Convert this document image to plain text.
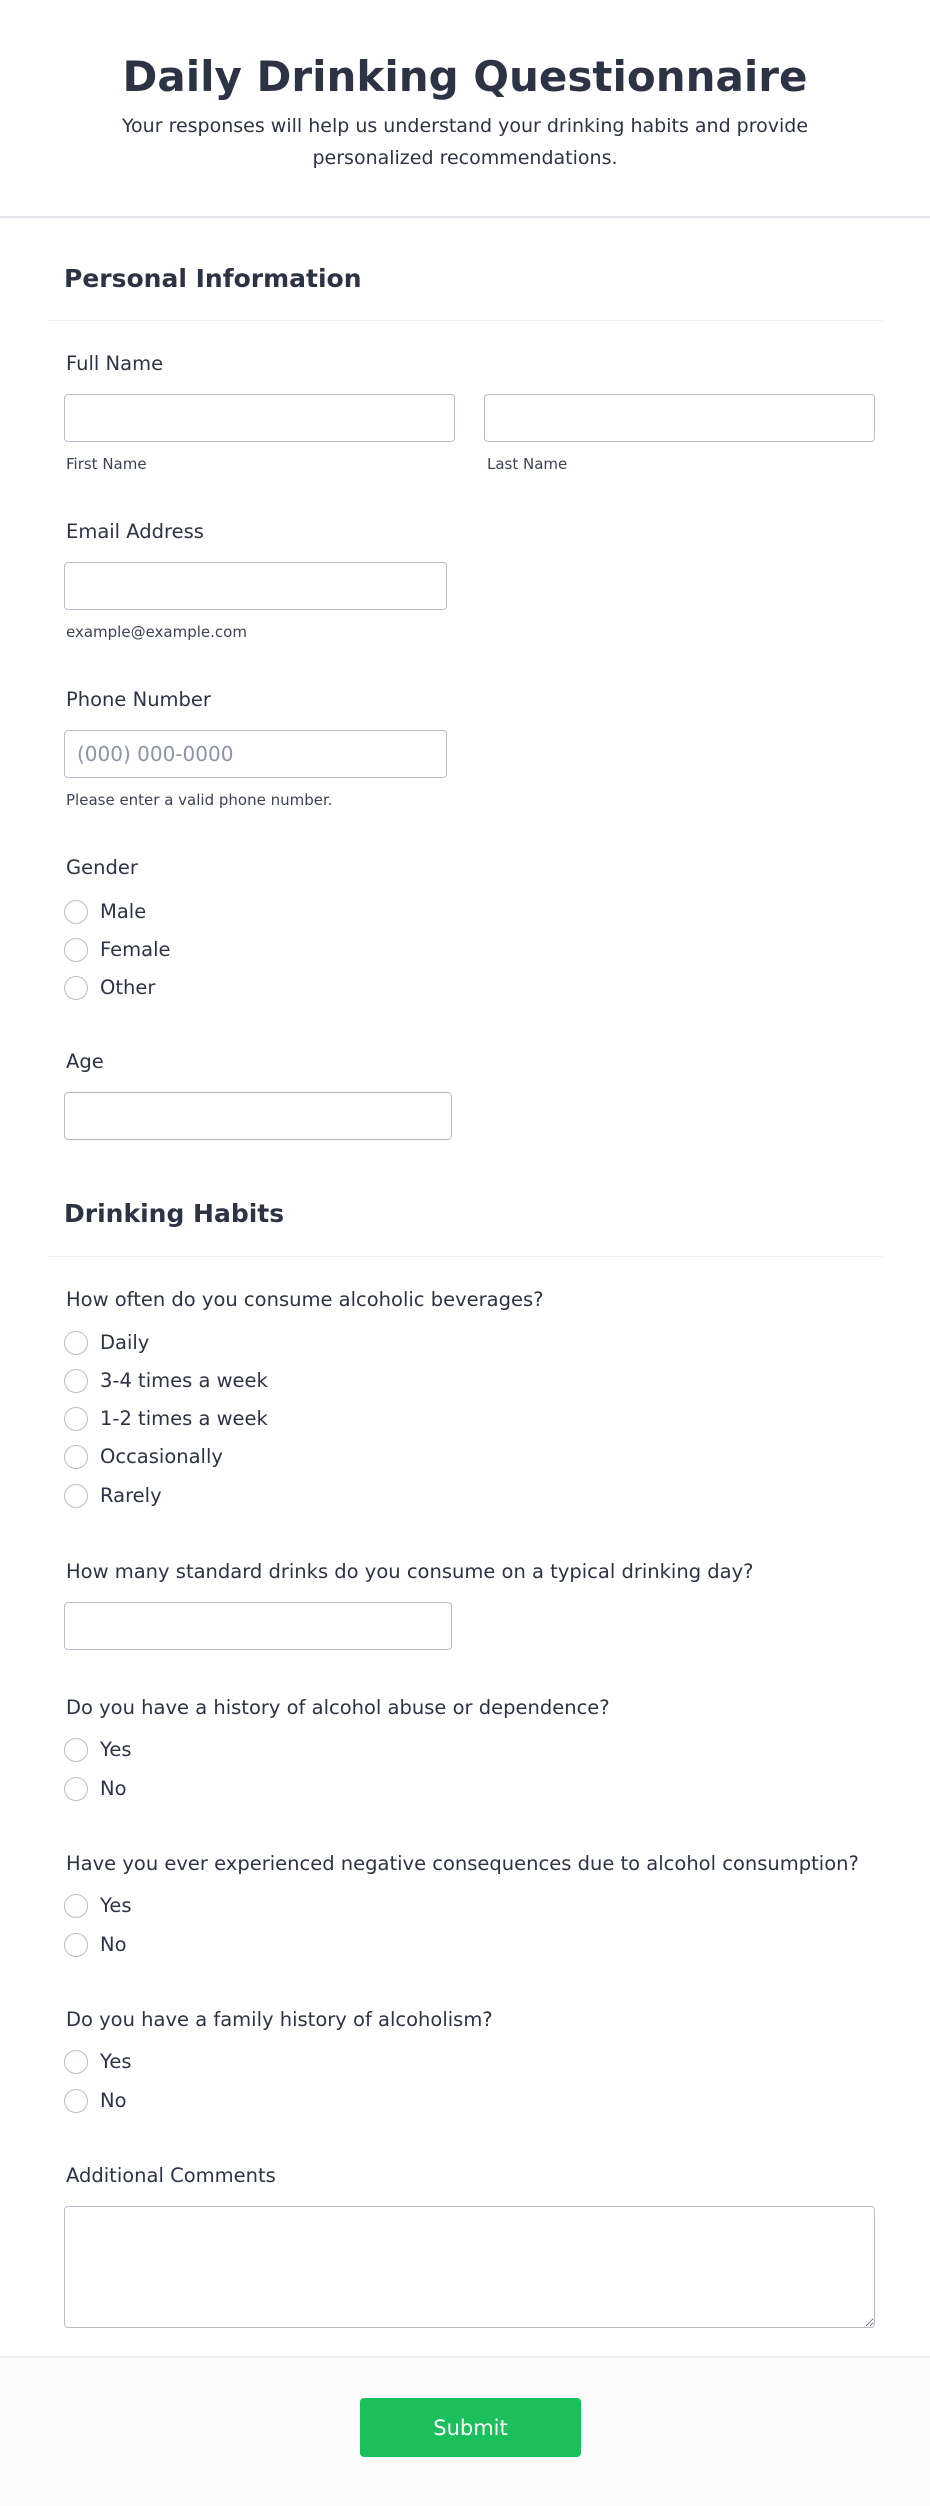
Daily Drinking Questionnaire

Your responses will help us understand your drinking habits and provide personalized recommendations.

Personal Information
Full Name
First Name	Last Name
Email Address
example@example.com
Phone Number
(000) 000-0000
Please enter a valid phone number.
Gender
Male
Female
Other
Age
Drinking Habits
How often do you consume alcoholic beverages?
Daily
3-4 times a week
1-2 times a week
Occasionally
Rarely
How many standard drinks do you consume on a typical drinking day?
Do you have a history of alcohol abuse or dependence?
Yes
No
Have you ever experienced negative consequences due to alcohol consumption?
Yes
No
Do you have a family history of alcoholism?
Yes
No
Additional Comments
Submit
